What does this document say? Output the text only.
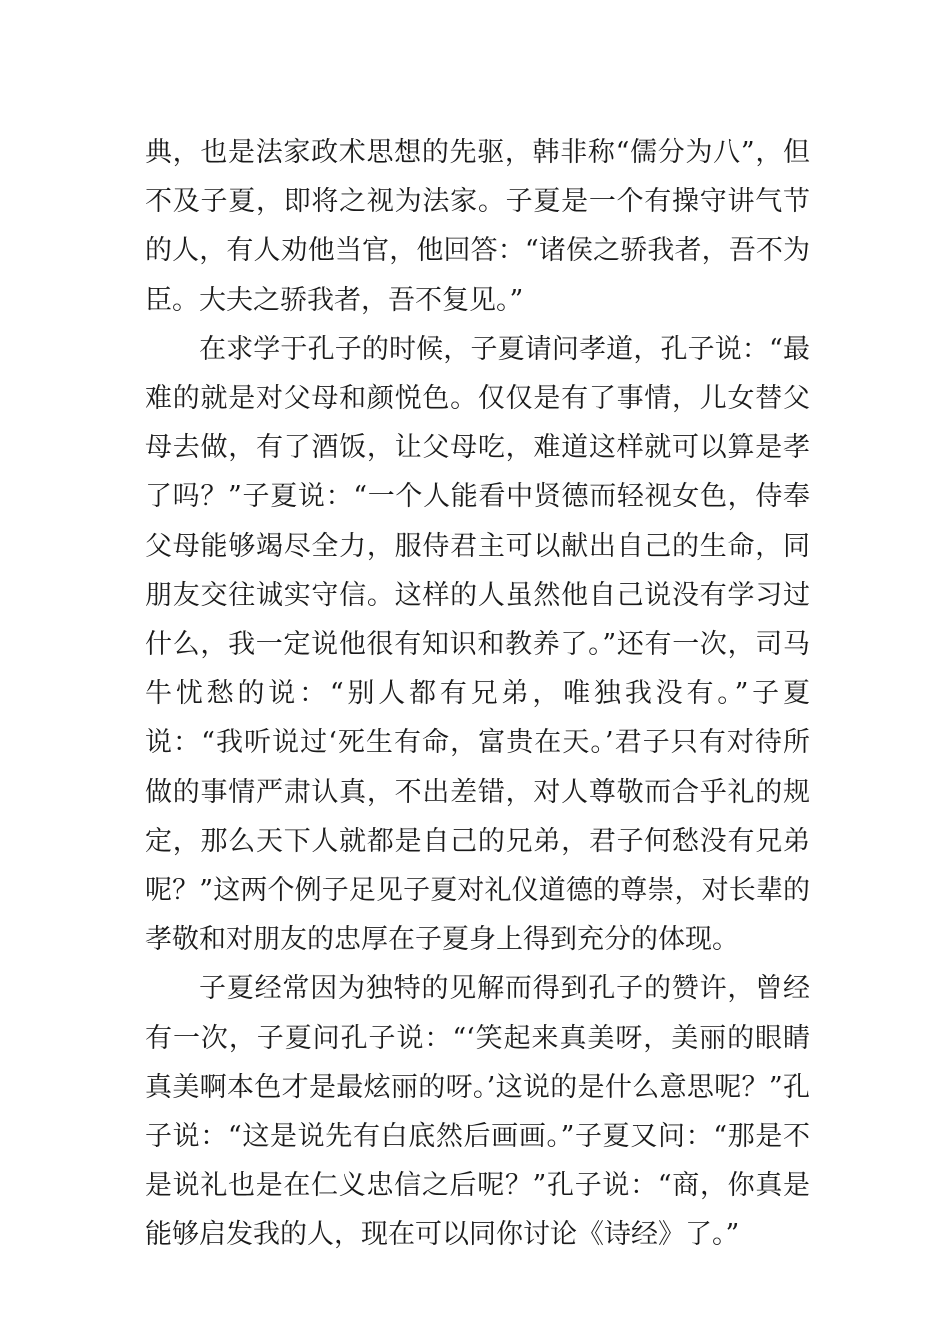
典，也是法家政术思想的先驱，韩非称“儒分为八”，但不及子夏，即将之视为法家。子夏是一个有操守讲气节的人，有人劝他当官，他回答：“诸侯之骄我者，吾不为臣。大夫之骄我者，吾不复见。”

在求学于孔子的时候，子夏请问孝道，孔子说：“最难的就是对父母和颜悦色。仅仅是有了事情，儿女替父母去做，有了酒饭，让父母吃，难道这样就可以算是孝了吗？”子夏说：“一个人能看中贤德而轻视女色，侍奉父母能够竭尽全力，服侍君主可以献出自己的生命，同朋友交往诚实守信。这样的人虽然他自己说没有学习过什么，我一定说他很有知识和教养了。”还有一次，司马牛忧愁的说：“别人都有兄弟，唯独我没有。”子夏说：“我听说过‘死生有命，富贵在天。’君子只有对待所做的事情严肃认真，不出差错，对人尊敬而合乎礼的规定，那么天下人就都是自己的兄弟，君子何愁没有兄弟呢？”这两个例子足见子夏对礼仪道德的尊崇，对长辈的孝敬和对朋友的忠厚在子夏身上得到充分的体现。

子夏经常因为独特的见解而得到孔子的赞许，曾经有一次，子夏问孔子说：“‘笑起来真美呀，美丽的眼睛真美啊本色才是最炫丽的呀。’这说的是什么意思呢？”孔子说：“这是说先有白底然后画画。”子夏又问：“那是不是说礼也是在仁义忠信之后呢？”孔子说：“商，你真是能够启发我的人，现在可以同你讨论《诗经》了。”
